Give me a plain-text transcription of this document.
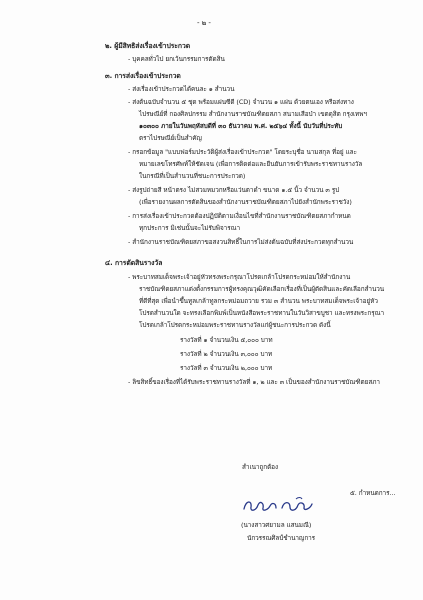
- ๒ -
๒. ผู้มีสิทธิส่งเรื่องเข้าประกวด
- บุคคลทั่วไป ยกเว้นกรรมการตัดสิน
๓. การส่งเรื่องเข้าประกวด
- ส่งเรื่องเข้าประกวดได้คนละ ๑ สำนวน
- ส่งต้นฉบับจำนวน ๕ ชุด พร้อมแผ่นซีดี (CD) จำนวน ๑ แผ่น ด้วยตนเอง หรือส่งทาง
ไปรษณีย์ที่ กองศิลปกรรม สำนักงานราชบัณฑิตยสภา สนามเสือป่า เขตดุสิต กรุงเทพฯ
๑๐๓๐๐ ภายในวันพฤหัสบดีที่ ๓๐ ธันวาคม พ.ศ. ๒๕๖๔ ทั้งนี้ นับวันที่ประทับ
ตราไปรษณีย์เป็นสำคัญ
- กรอกข้อมูล "แบบฟอร์มประวัติผู้ส่งเรื่องเข้าประกวด" โดยระบุชื่อ นามสกุล ที่อยู่ และ
หมายเลขโทรศัพท์ให้ชัดเจน (เพื่อการติดต่อและยืนยันการเข้ารับพระราชทานรางวัล
ในกรณีที่เป็นสำนวนที่ชนะการประกวด)
- ส่งรูปถ่ายสี หน้าตรง ไม่สวมหมวกหรือแว่นตาดำ ขนาด ๑.๕ นิ้ว จำนวน ๓ รูป
(เพื่อรายงานผลการตัดสินของสำนักงานราชบัณฑิตยสภาไปยังสำนักพระราชวัง)
- การส่งเรื่องเข้าประกวดต้องปฏิบัติตามเงื่อนไขที่สำนักงานราชบัณฑิตยสภากำหนด
ทุกประการ มิเช่นนั้นจะไม่รับพิจารณา
- สำนักงานราชบัณฑิตยสภาขอสงวนสิทธิ์ในการไม่ส่งต้นฉบับที่ส่งประกวดทุกสำนวน
๔. การตัดสินรางวัล
- พระบาทสมเด็จพระเจ้าอยู่หัวทรงพระกรุณาโปรดเกล้าโปรดกระหม่อมให้สำนักงาน
ราชบัณฑิตยสภาแต่งตั้งกรรมการผู้ทรงคุณวุฒิคัดเลือกเรื่องที่เป็นผู้ตัดสินและคัดเลือกสำนวน
ที่ดีที่สุด เพื่อนำขึ้นทูลเกล้าทูลกระหม่อมถวาย รวม ๓ สำนวน พระบาทสมเด็จพระเจ้าอยู่หัว
โปรดสำนวนใด จะทรงเลือกพิมพ์เป็นหนังสือพระราชทานในวันวิสาขบูชา และทรงพระกรุณา
โปรดเกล้าโปรดกระหม่อมพระราชทานรางวัลแก่ผู้ชนะการประกวด ดังนี้
รางวัลที่ ๑ จำนวนเงิน ๕,๐๐๐ บาท
รางวัลที่ ๒ จำนวนเงิน ๓,๐๐๐ บาท
รางวัลที่ ๓ จำนวนเงิน ๒,๐๐๐ บาท
- ลิขสิทธิ์ของเรื่องที่ได้รับพระราชทานรางวัลที่ ๑, ๒ และ ๓ เป็นของสำนักงานราชบัณฑิตยสภา
สำเนาถูกต้อง
๕. กำหนดการ...
(นางสาวศยามล แสนมณี)
นักวรรณศิลป์ชำนาญการ
